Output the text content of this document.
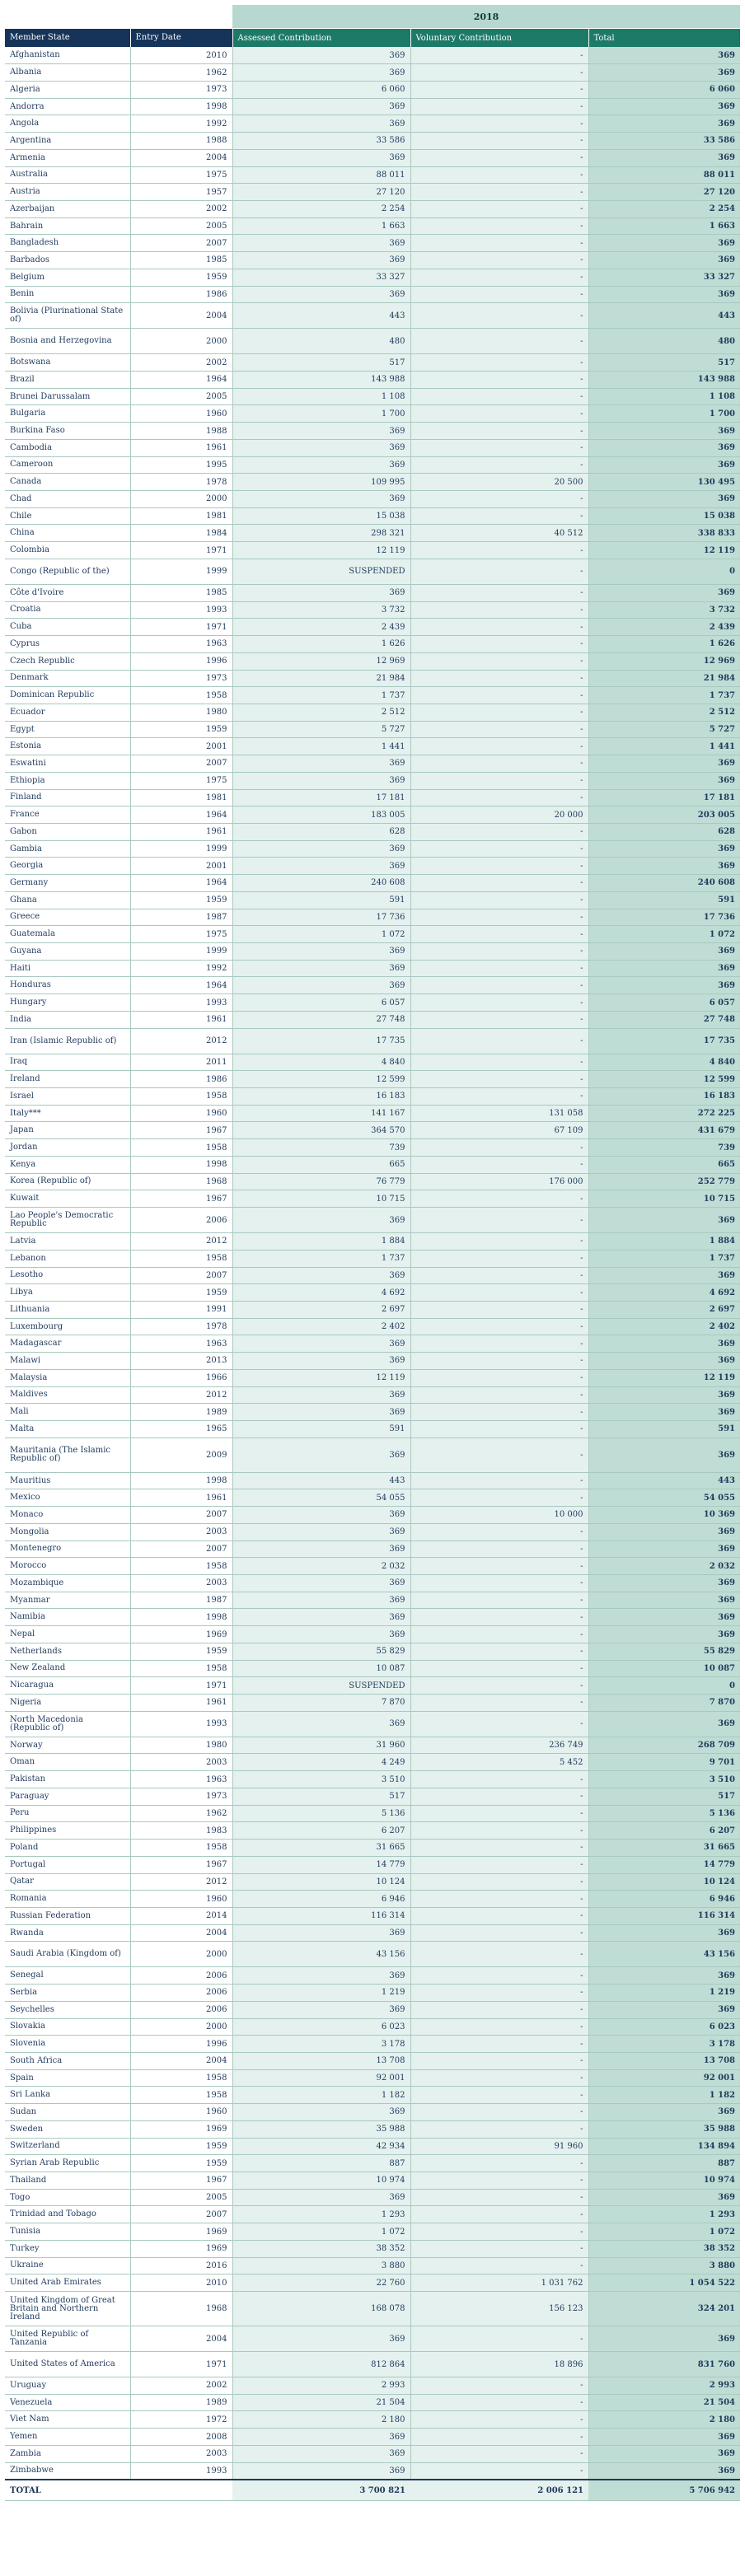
		2018		
Member State	Entry Date	Assessed Contribution	Voluntary Contribution	Total
Afghanistan	2010	369	-	369
Albania	1962	369	-	369
Algeria	1973	6 060	-	6 060
Andorra	1998	369	-	369
Angola	1992	369	-	369
Argentina	1988	33 586	-	33 586
Armenia	2004	369	-	369
Australia	1975	88 011	-	88 011
Austria	1957	27 120	-	27 120
Azerbaijan	2002	2 254	-	2 254
Bahrain	2005	1 663	-	1 663
Bangladesh	2007	369	-	369
Barbados	1985	369	-	369
Belgium	1959	33 327	-	33 327
Benin	1986	369	-	369
Bolivia (Plurinational State of)	2004	443	-	443
Bosnia and Herzegovina	2000	480	-	480
Botswana	2002	517	-	517
Brazil	1964	143 988	-	143 988
Brunei Darussalam	2005	1 108	-	1 108
Bulgaria	1960	1 700	-	1 700
Burkina Faso	1988	369	-	369
Cambodia	1961	369	-	369
Cameroon	1995	369	-	369
Canada	1978	109 995	20 500	130 495
Chad	2000	369	-	369
Chile	1981	15 038	-	15 038
China	1984	298 321	40 512	338 833
Colombia	1971	12 119	-	12 119
Congo (Republic of the)	1999	SUSPENDED	-	0
Côte d'Ivoire	1985	369	-	369
Croatia	1993	3 732	-	3 732
Cuba	1971	2 439	-	2 439
Cyprus	1963	1 626	-	1 626
Czech Republic	1996	12 969	-	12 969
Denmark	1973	21 984	-	21 984
Dominican Republic	1958	1 737	-	1 737
Ecuador	1980	2 512	-	2 512
Egypt	1959	5 727	-	5 727
Estonia	2001	1 441	-	1 441
Eswatini	2007	369	-	369
Ethiopia	1975	369	-	369
Finland	1981	17 181	-	17 181
France	1964	183 005	20 000	203 005
Gabon	1961	628	-	628
Gambia	1999	369	-	369
Georgia	2001	369	-	369
Germany	1964	240 608	-	240 608
Ghana	1959	591	-	591
Greece	1987	17 736	-	17 736
Guatemala	1975	1 072	-	1 072
Guyana	1999	369	-	369
Haiti	1992	369	-	369
Honduras	1964	369	-	369
Hungary	1993	6 057	-	6 057
India	1961	27 748	-	27 748
Iran (Islamic Republic of)	2012	17 735	-	17 735
Iraq	2011	4 840	-	4 840
Ireland	1986	12 599	-	12 599
Israel	1958	16 183	-	16 183
Italy***	1960	141 167	131 058	272 225
Japan	1967	364 570	67 109	431 679
Jordan	1958	739	-	739
Kenya	1998	665	-	665
Korea (Republic of)	1968	76 779	176 000	252 779
Kuwait	1967	10 715	-	10 715
Lao People's Democratic Republic	2006	369	-	369
Latvia	2012	1 884	-	1 884
Lebanon	1958	1 737	-	1 737
Lesotho	2007	369	-	369
Libya	1959	4 692	-	4 692
Lithuania	1991	2 697	-	2 697
Luxembourg	1978	2 402	-	2 402
Madagascar	1963	369	-	369
Malawi	2013	369	-	369
Malaysia	1966	12 119	-	12 119
Maldives	2012	369	-	369
Mali	1989	369	-	369
Malta	1965	591	-	591
Mauritania (The Islamic Republic of)	2009	369	-	369
Mauritius	1998	443	-	443
Mexico	1961	54 055	-	54 055
Monaco	2007	369	10 000	10 369
Mongolia	2003	369	-	369
Montenegro	2007	369	-	369
Morocco	1958	2 032	-	2 032
Mozambique	2003	369	-	369
Myanmar	1987	369	-	369
Namibia	1998	369	-	369
Nepal	1969	369	-	369
Netherlands	1959	55 829	-	55 829
New Zealand	1958	10 087	-	10 087
Nicaragua	1971	SUSPENDED	-	0
Nigeria	1961	7 870	-	7 870
North Macedonia (Republic of)	1993	369	-	369
Norway	1980	31 960	236 749	268 709
Oman	2003	4 249	5 452	9 701
Pakistan	1963	3 510	-	3 510
Paraguay	1973	517	-	517
Peru	1962	5 136	-	5 136
Philippines	1983	6 207	-	6 207
Poland	1958	31 665	-	31 665
Portugal	1967	14 779	-	14 779
Qatar	2012	10 124	-	10 124
Romania	1960	6 946	-	6 946
Russian Federation	2014	116 314	-	116 314
Rwanda	2004	369	-	369
Saudi Arabia (Kingdom of)	2000	43 156	-	43 156
Senegal	2006	369	-	369
Serbia	2006	1 219	-	1 219
Seychelles	2006	369	-	369
Slovakia	2000	6 023	-	6 023
Slovenia	1996	3 178	-	3 178
South Africa	2004	13 708	-	13 708
Spain	1958	92 001	-	92 001
Sri Lanka	1958	1 182	-	1 182
Sudan	1960	369	-	369
Sweden	1969	35 988	-	35 988
Switzerland	1959	42 934	91 960	134 894
Syrian Arab Republic	1959	887	-	887
Thailand	1967	10 974	-	10 974
Togo	2005	369	-	369
Trinidad and Tobago	2007	1 293	-	1 293
Tunisia	1969	1 072	-	1 072
Turkey	1969	38 352	-	38 352
Ukraine	2016	3 880	-	3 880
United Arab Emirates	2010	22 760	1 031 762	1 054 522
United Kingdom of Great Britain and Northern Ireland	1968	168 078	156 123	324 201
United Republic of Tanzania	2004	369	-	369
United States of America	1971	812 864	18 896	831 760
Uruguay	2002	2 993	-	2 993
Venezuela	1989	21 504	-	21 504
Viet Nam	1972	2 180	-	2 180
Yemen	2008	369	-	369
Zambia	2003	369	-	369
Zimbabwe	1993	369	-	369
TOTAL		3 700 821	2 006 121	5 706 942
